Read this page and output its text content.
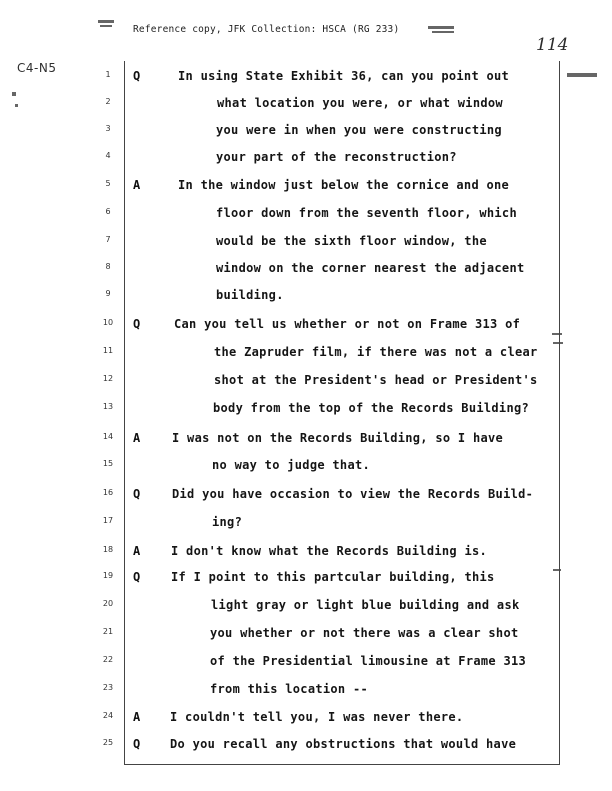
Reference copy, JFK Collection: HSCA (RG 233)
114
C4-N5	1	Q	In using State Exhibit 36, can you point out
2	what location you were, or what window
3	you were in when you were constructing
4	your part of the reconstruction?
5	A	In the window just below the cornice and one
6	floor down from the seventh floor, which
7	would be the sixth floor window, the
8	window on the corner nearest the adjacent
9	building.
10	Q	Can you tell us whether or not on Frame 313 of
11	the Zapruder film, if there was not a clear
12	shot at the President's head or President's
13	body from the top of the Records Building?
14	A	I was not on the Records Building, so I have
15	no way to judge that.
16	Q	Did you have occasion to view the Records Build-
17	ing?
18	A	I don't know what the Records Building is.
19	Q	If I point to this partcular building, this
20	light gray or light blue building and ask
21	you whether or not there was a clear shot
22	of the Presidential limousine at Frame 313
23	from this location --
24	A I couldn't tell you, I was never there.
25	Q Do you recall any obstructions that would have
